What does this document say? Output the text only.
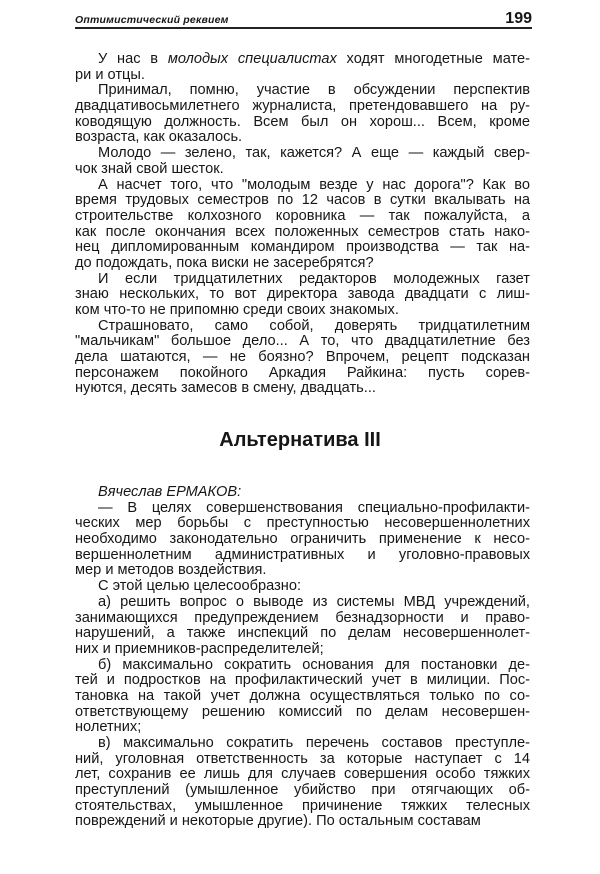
Оптимистический реквием	199
У нас в молодых специалистах ходят многодетные мате-
ри и отцы.
Принимал, помню, участие в обсуждении перспектив
двадцативосьмилетнего журналиста, претендовавшего на ру-
ководящую должность. Всем был он хорош... Всем, кроме
возраста, как оказалось.
Молодо — зелено, так, кажется? А еще — каждый свер-
чок знай свой шесток.
А насчет того, что "молодым везде у нас дорога"? Как во
время трудовых семестров по 12 часов в сутки вкалывать на
строительстве колхозного коровника — так пожалуйста, а
как после окончания всех положенных семестров стать нако-
нец дипломированным командиром производства — так на-
до подождать, пока виски не засеребрятся?
И если тридцатилетних редакторов молодежных газет
знаю нескольких, то вот директора завода двадцати с лиш-
ком что-то не припомню среди своих знакомых.
Страшновато, само собой, доверять тридцатилетним
"мальчикам" большое дело... А то, что двадцатилетние без
дела шатаются, — не боязно? Впрочем, рецепт подсказан
персонажем покойного Аркадия Райкина: пусть сорев-
нуются, десять замесов в смену, двадцать...
Альтернатива III
Вячеслав ЕРМАКОВ:
— В целях совершенствования специально-профилакти-
ческих мер борьбы с преступностью несовершеннолетних
необходимо законодательно ограничить применение к несо-
вершеннолетним административных и уголовно-правовых
мер и методов воздействия.
С этой целью целесообразно:
а) решить вопрос о выводе из системы МВД учреждений,
занимающихся предупреждением безнадзорности и право-
нарушений, а также инспекций по делам несовершеннолет-
них и приемников-распределителей;
б) максимально сократить основания для постановки де-
тей и подростков на профилактический учет в милиции. Пос-
тановка на такой учет должна осуществляться только по со-
ответствующему решению комиссий по делам несовершен-
нолетних;
в) максимально сократить перечень составов преступле-
ний, уголовная ответственность за которые наступает с 14
лет, сохранив ее лишь для случаев совершения особо тяжких
преступлений (умышленное убийство при отягчающих об-
стоятельствах, умышленное причинение тяжких телесных
повреждений и некоторые другие). По остальным составам
